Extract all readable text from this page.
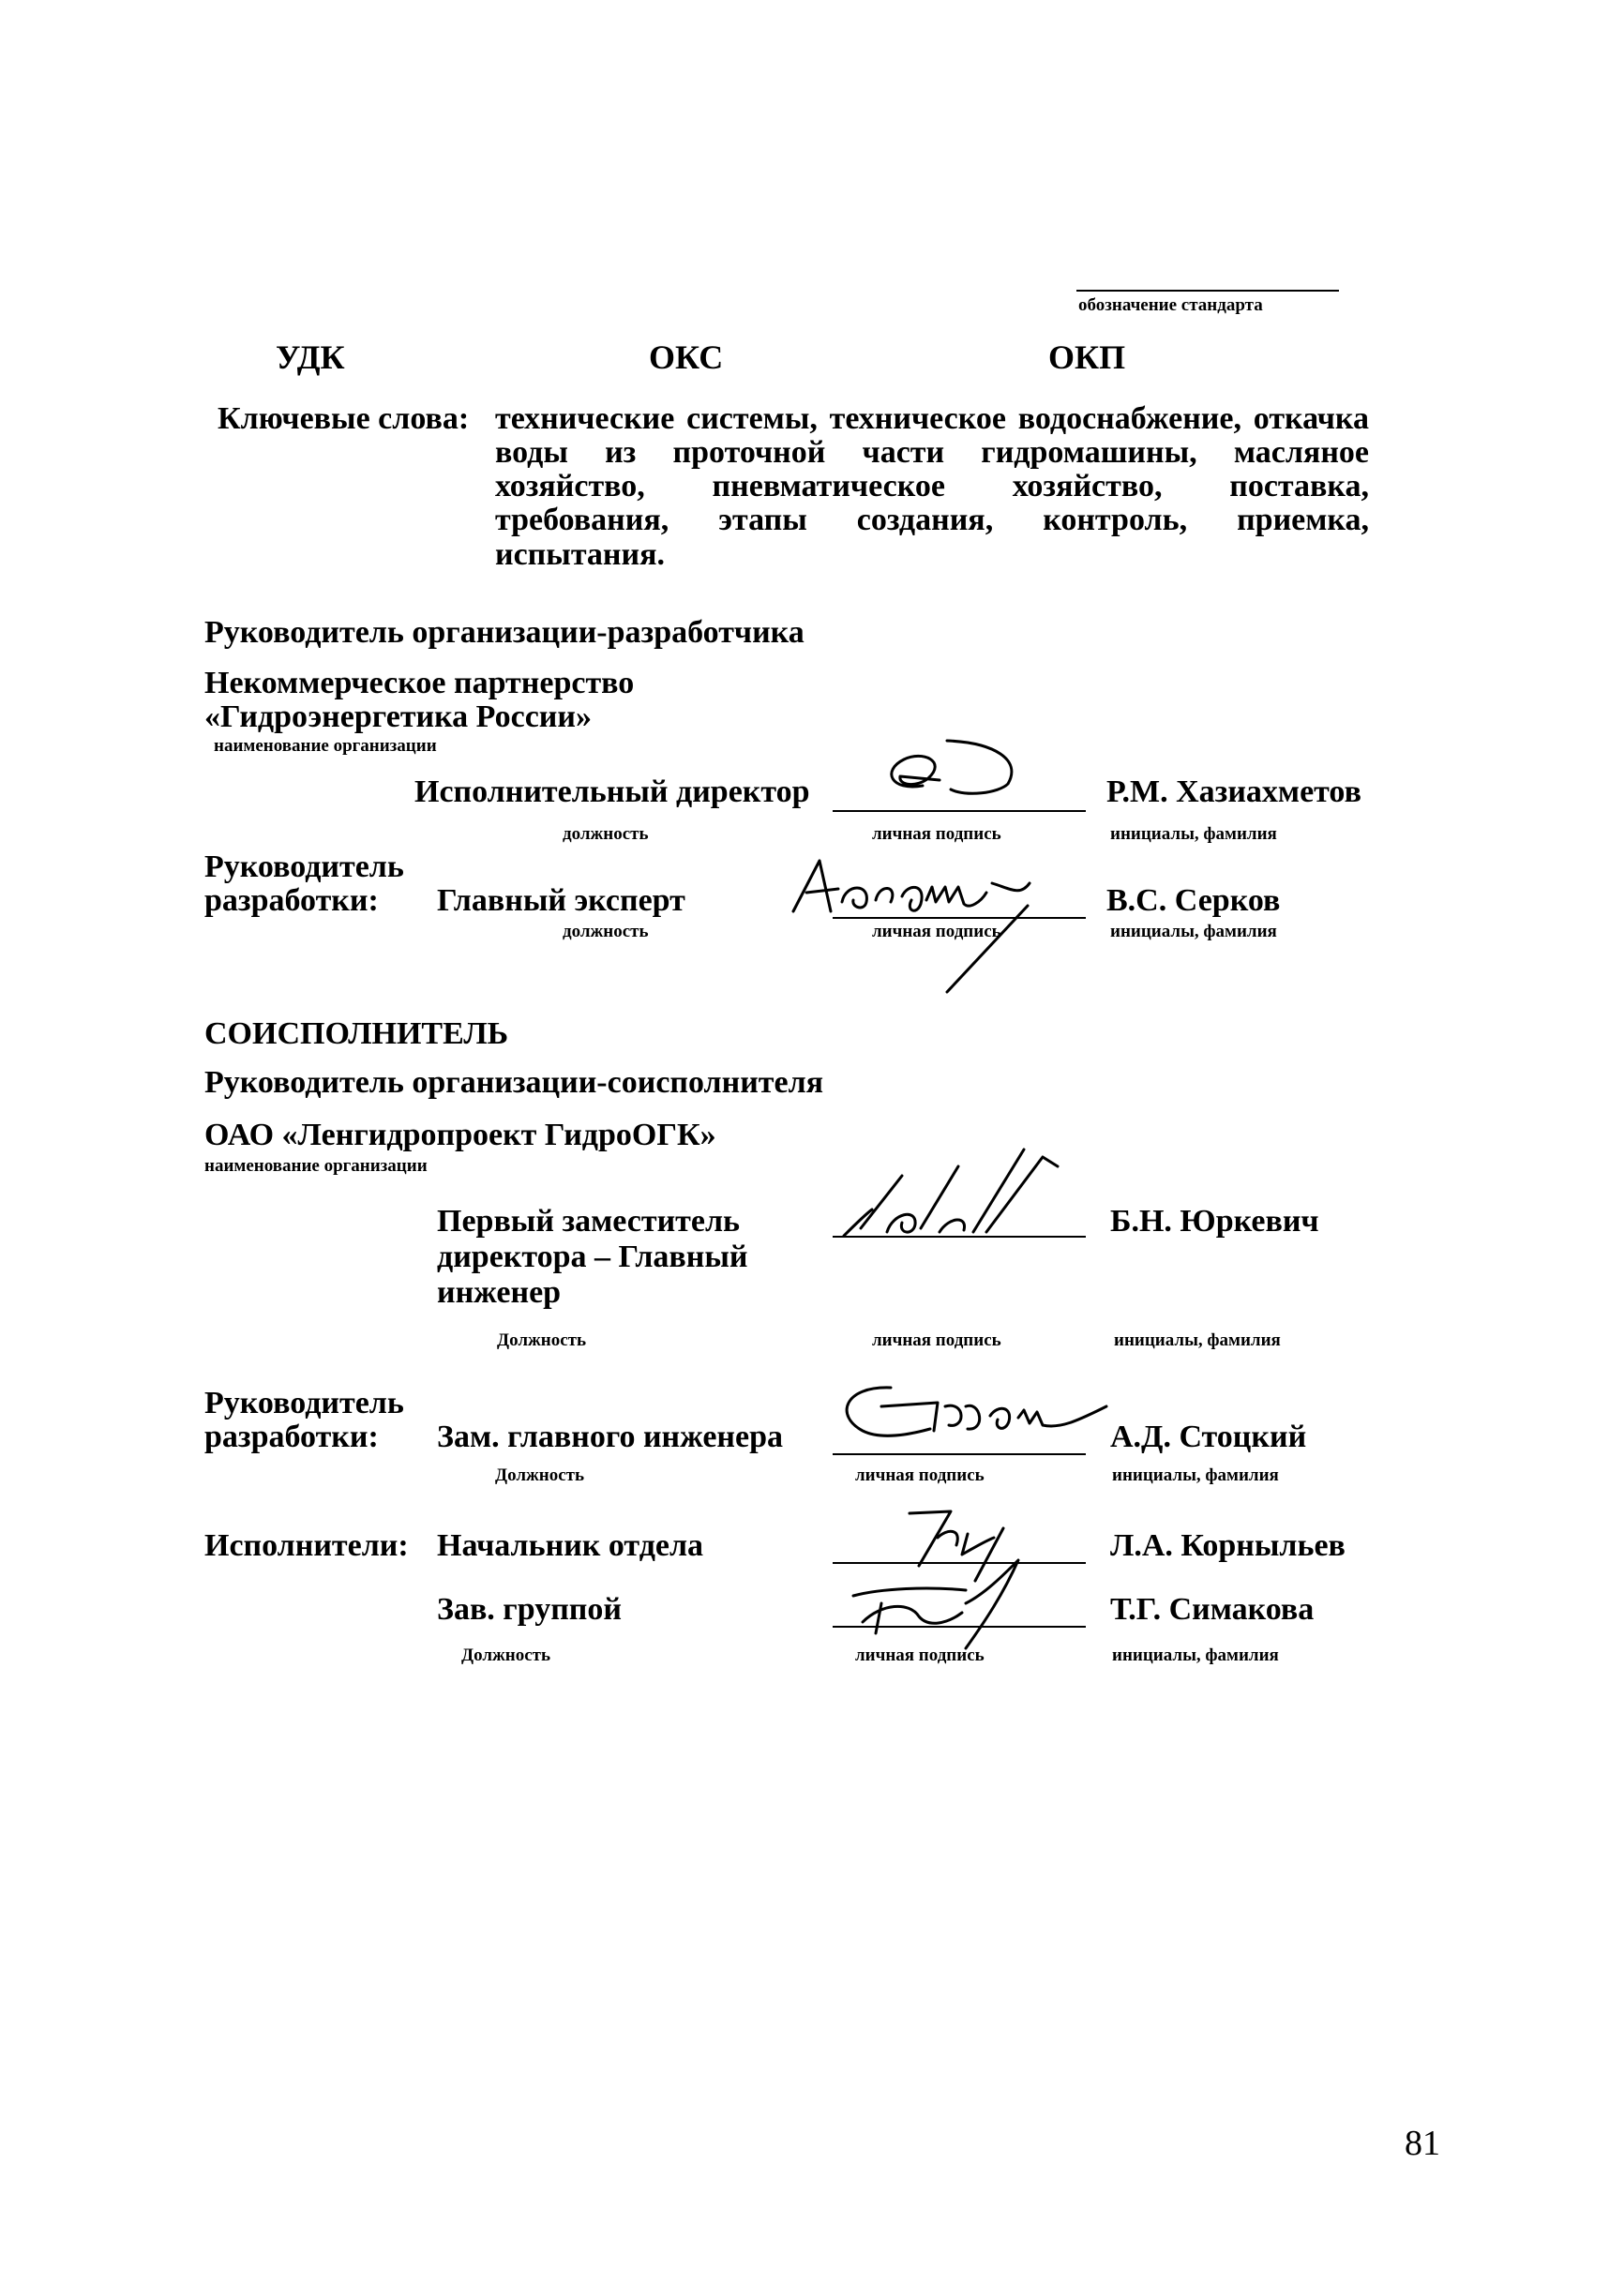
обозначение стандарта
УДК	ОКС	ОКП
Ключевые слова: технические системы, техническое водоснабжение, откачка
воды из проточной части гидромашины, масляное
хозяйство, пневматическое хозяйство, поставка,
требования, этапы создания, контроль, приемка, испытания.
Руководитель организации-разработчика
Некоммерческое партнерство
«Гидроэнергетика России»
наименование организации
Исполнительный директор	Р.М. Хазиахметов
должность	личная подпись	инициалы, фамилия
Руководитель
разработки: Главный эксперт	В.С. Серков
должность	личная подпись	инициалы, фамилия
СОИСПОЛНИТЕЛЬ
Руководитель организации-соисполнителя
ОАО «Ленгидропроект ГидроОГК»
наименование организации
Первый заместитель
директора – Главный
инженер
Б.Н. Юркевич
Должность	личная подпись	инициалы, фамилия
Руководитель
разработки: Зам. главного инженера	А.Д. Стоцкий
Должность	личная подпись	инициалы, фамилия
Исполнители: Начальник отдела	Л.А. Корныльев
Зав. группой	Т.Г. Симакова
Должность	личная подпись	инициалы, фамилия
81
